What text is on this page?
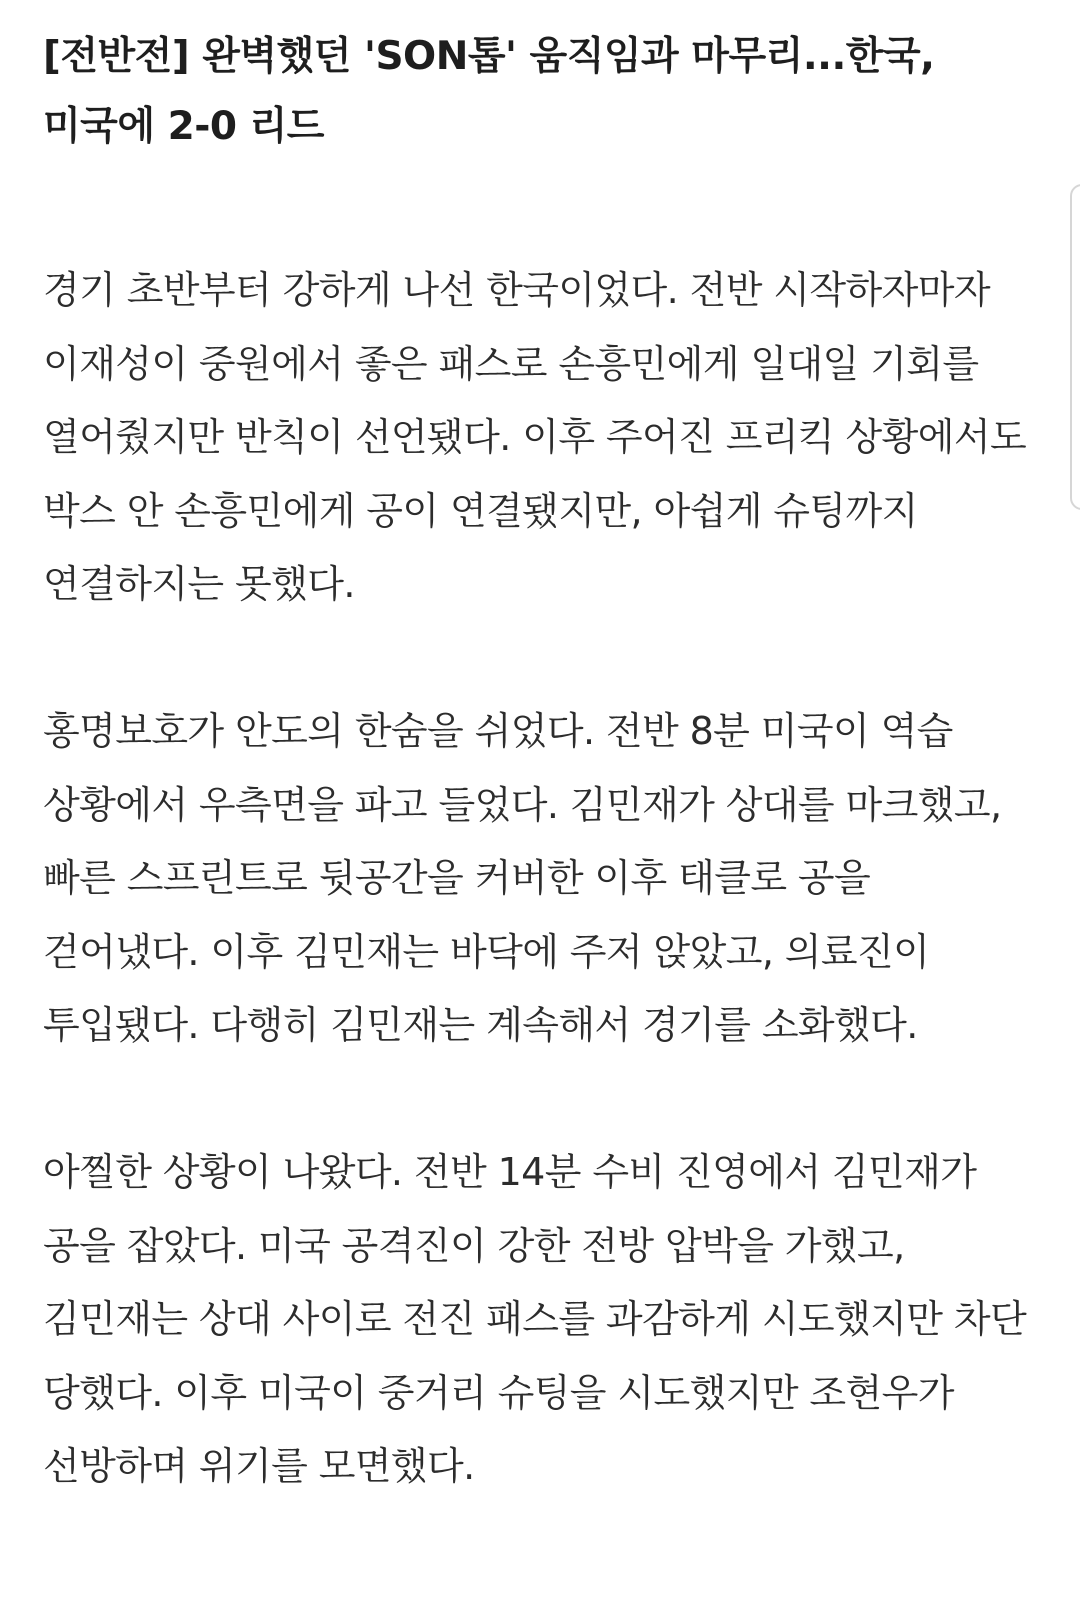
[전반전] 완벽했던 'SON톱' 움직임과 마무리...한국, 미국에 2-0 리드

경기 초반부터 강하게 나선 한국이었다. 전반 시작하자마자 이재성이 중원에서 좋은 패스로 손흥민에게 일대일 기회를 열어줬지만 반칙이 선언됐다. 이후 주어진 프리킥 상황에서도 박스 안 손흥민에게 공이 연결됐지만, 아쉽게 슈팅까지 연결하지는 못했다.

홍명보호가 안도의 한숨을 쉬었다. 전반 8분 미국이 역습 상황에서 우측면을 파고 들었다. 김민재가 상대를 마크했고, 빠른 스프린트로 뒷공간을 커버한 이후 태클로 공을 걷어냈다. 이후 김민재는 바닥에 주저 앉았고, 의료진이 투입됐다. 다행히 김민재는 계속해서 경기를 소화했다.

아찔한 상황이 나왔다. 전반 14분 수비 진영에서 김민재가 공을 잡았다. 미국 공격진이 강한 전방 압박을 가했고, 김민재는 상대 사이로 전진 패스를 과감하게 시도했지만 차단 당했다. 이후 미국이 중거리 슈팅을 시도했지만 조현우가 선방하며 위기를 모면했다.
